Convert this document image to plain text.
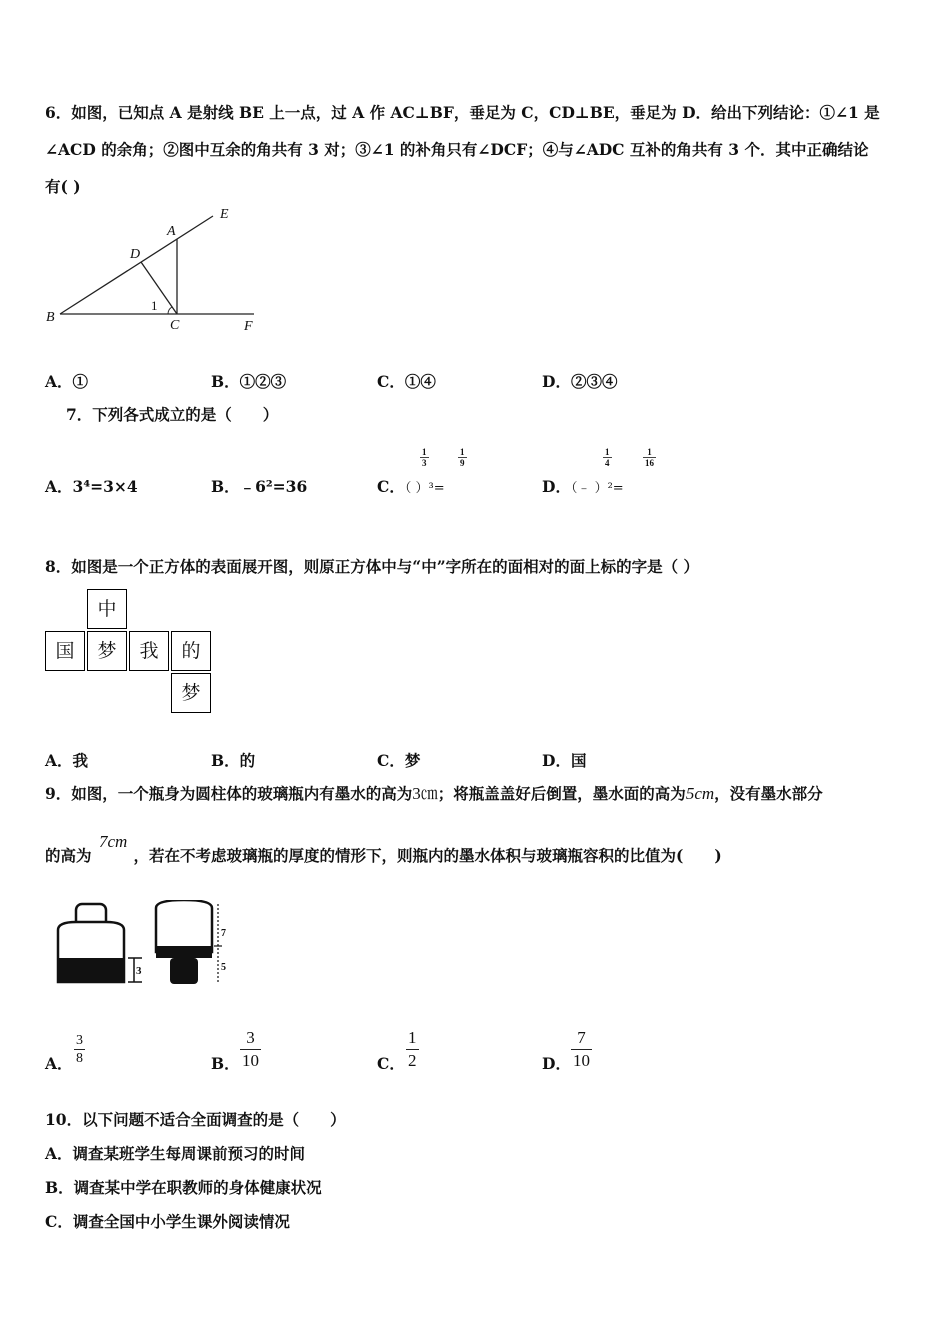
6．如图，已知点 A 是射线 BE 上一点，过 A 作 AC⊥BF，垂足为 C，CD⊥BE，垂足为 D．给出下列结论：①∠1 是
∠ACD 的余角；②图中互余的角共有 3 对；③∠1 的补角只有∠DCF；④与∠ADC 互补的角共有 3 个．其中正确结论
有( )
E
A
D
B
C	F
1
A．①	B．①②③	C．①④	D．②③④
7．下列各式成立的是（　　）
A．3⁴=3×4	B．﹣6²=36	C．（ ）³=
$\frac{1}{3}$	$\frac{1}{9}$
D．（﹣ ）²=
$\frac{1}{4}$	$\frac{1}{16}$
8．如图是一个正方体的表面展开图，则原正方体中与“中”字所在的面相对的面上标的字是（ ）
中
国	梦	我	的
梦
A．我	B．的	C．梦	D．国
9．如图，一个瓶身为圆柱体的玻璃瓶内有墨水的高为3㎝；将瓶盖盖好后倒置，墨水面的高为5cm，没有墨水部分
7cm
的高为	，若在不考虑玻璃瓶的厚度的情形下，则瓶内的墨水体积与玻璃瓶容积的比值为(　　)
3
7
5
A． $\frac{3}{8}$	B． $\frac{3}{10}$	C． $\frac{1}{2}$	D． $\frac{7}{10}$
10．以下问题不适合全面调查的是（　　）
A．调查某班学生每周课前预习的时间
B．调查某中学在职教师的身体健康状况
C．调查全国中小学生课外阅读情况
